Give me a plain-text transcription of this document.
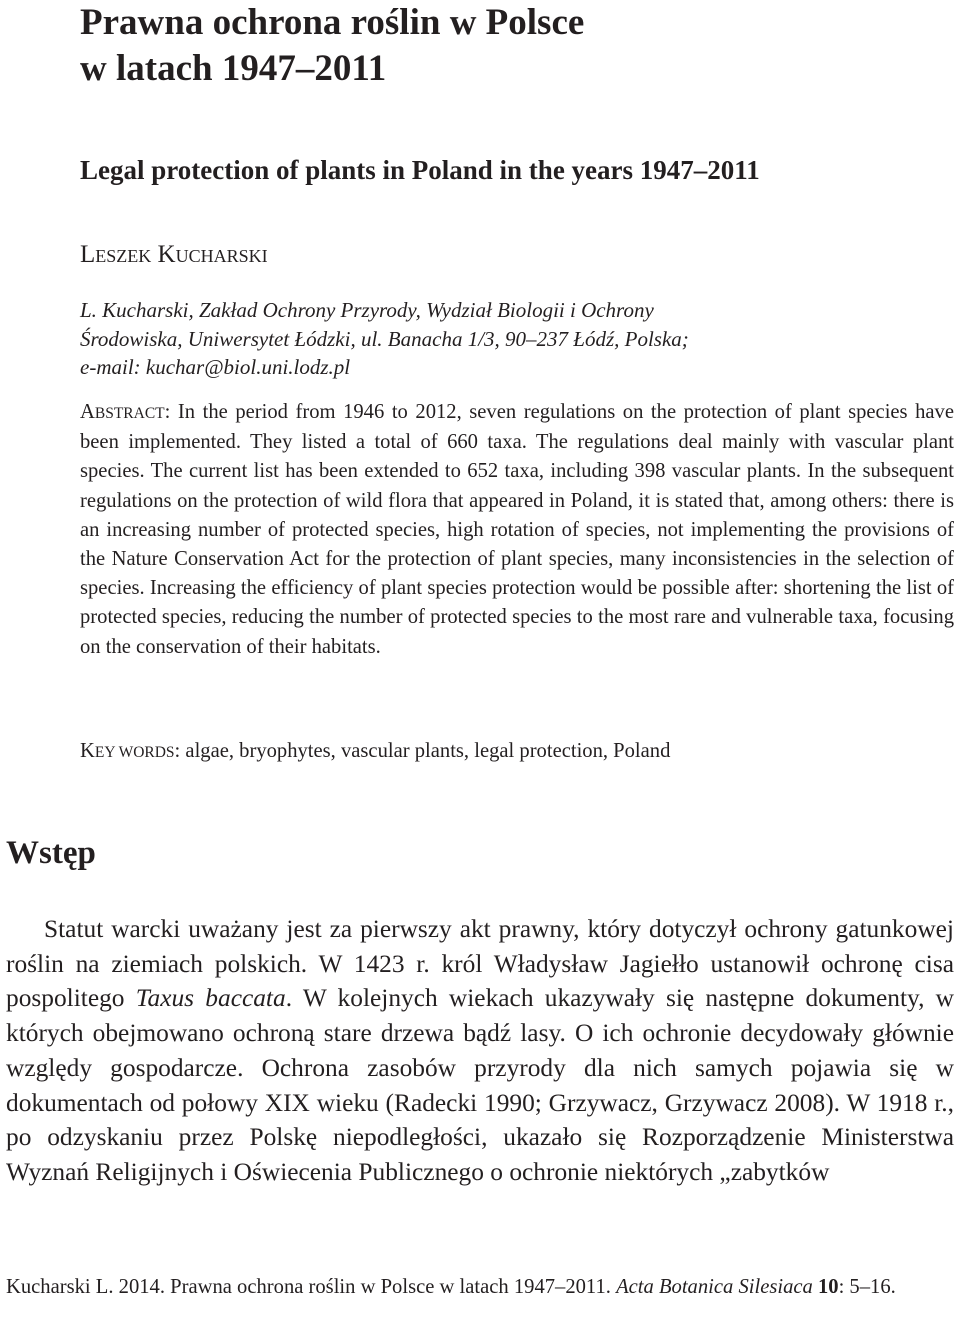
Prawna ochrona roślin w Polsce
w latach 1947–2011
Legal protection of plants in Poland in the years 1947–2011
LESZEK KUCHARSKI
L. Kucharski, Zakład Ochrony Przyrody, Wydział Biologii i Ochrony
Środowiska, Uniwersytet Łódzki, ul. Banacha 1/3, 90–237 Łódź, Polska;
e-mail: kuchar@biol.uni.lodz.pl
ABSTRACT: In the period from 1946 to 2012, seven regulations on the protection of plant species have been implemented. They listed a total of 660 taxa. The regulations deal mainly with vascular plant species. The current list has been extended to 652 taxa, including 398 vascular plants. In the subsequent regulations on the protection of wild flora that appeared in Poland, it is stated that, among others: there is an increasing number of protected species, high rotation of species, not implementing the provisions of the Nature Conservation Act for the protection of plant species, many inconsistencies in the selection of species. Increasing the efficiency of plant species protection would be possible after: shortening the list of protected species, reducing the number of protected species to the most rare and vulnerable taxa, focusing on the conservation of their habitats.
KEY WORDS: algae, bryophytes, vascular plants, legal protection, Poland
Wstęp
Statut warcki uważany jest za pierwszy akt prawny, który dotyczył ochrony gatunkowej roślin na ziemiach polskich. W 1423 r. król Władysław Jagiełło ustanowił ochronę cisa pospolitego Taxus baccata. W kolejnych wiekach ukazywały się następne dokumenty, w których obejmowano ochroną stare drzewa bądź lasy. O ich ochronie decydowały głównie względy gospodarcze. Ochrona zasobów przyrody dla nich samych pojawia się w dokumentach od połowy XIX wieku (Radecki 1990; Grzywacz, Grzywacz 2008). W 1918 r., po odzyskaniu przez Polskę niepodległości, ukazało się Rozporządzenie Ministerstwa Wyznań Religijnych i Oświecenia Publicznego o ochronie niektórych „zabytków
Kucharski L. 2014. Prawna ochrona roślin w Polsce w latach 1947–2011. Acta Botanica Silesiaca 10: 5–16.
